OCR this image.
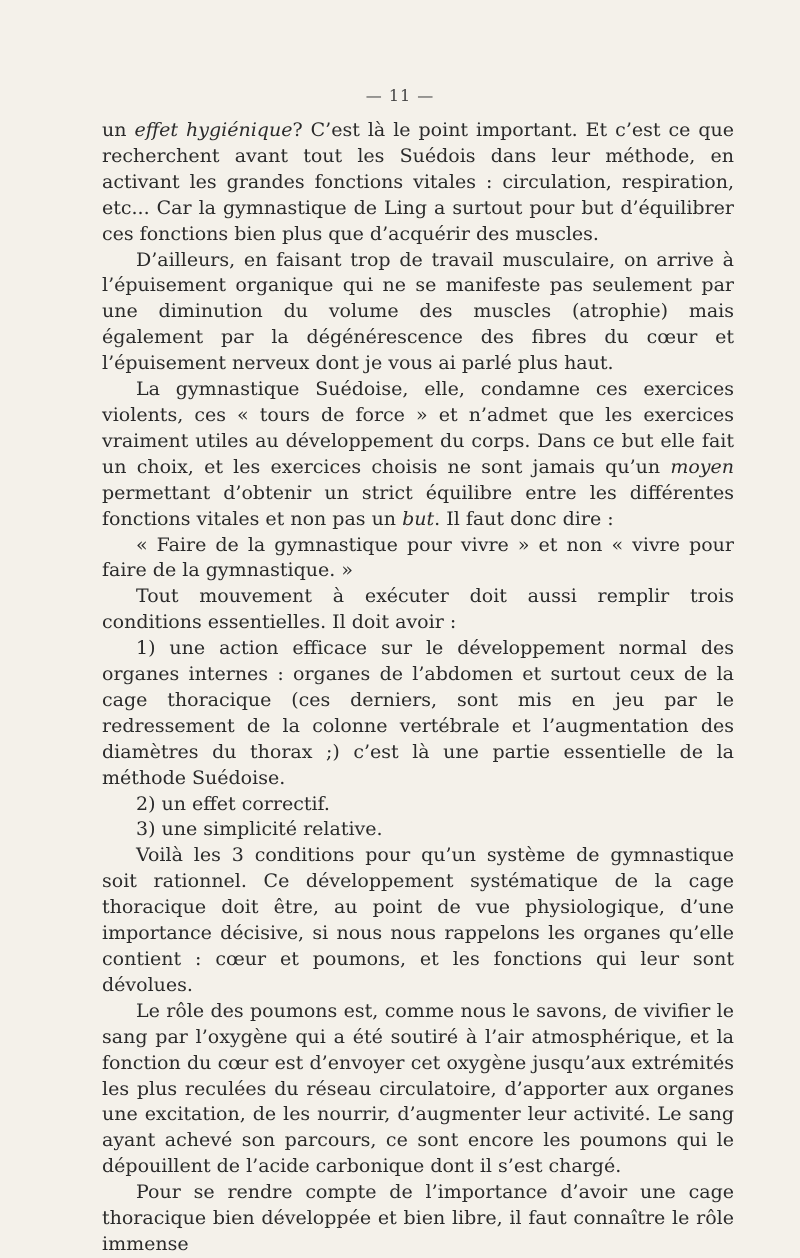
— 11 —

un effet hygiénique? C’est là le point important. Et c’est ce que recherchent avant tout les Suédois dans leur méthode, en activant les grandes fonctions vitales : circulation, respiration, etc... Car la gymnastique de Ling a surtout pour but d’équilibrer ces fonctions bien plus que d’acquérir des muscles.

D’ailleurs, en faisant trop de travail musculaire, on arrive à l’épuisement organique qui ne se manifeste pas seulement par une diminution du volume des muscles (atrophie) mais également par la dégénérescence des fibres du cœur et l’épuisement nerveux dont je vous ai parlé plus haut.

La gymnastique Suédoise, elle, condamne ces exercices violents, ces « tours de force » et n’admet que les exercices vraiment utiles au développement du corps. Dans ce but elle fait un choix, et les exercices choisis ne sont jamais qu’un moyen permettant d’obtenir un strict équilibre entre les différentes fonctions vitales et non pas un but. Il faut donc dire :

« Faire de la gymnastique pour vivre » et non « vivre pour faire de la gymnastique. »

Tout mouvement à exécuter doit aussi remplir trois conditions essentielles. Il doit avoir :

1) une action efficace sur le développement normal des organes internes : organes de l’abdomen et surtout ceux de la cage thoracique (ces derniers, sont mis en jeu par le redressement de la colonne vertébrale et l’augmentation des diamètres du thorax ;) c’est là une partie essentielle de la méthode Suédoise.

2) un effet correctif.

3) une simplicité relative.

Voilà les 3 conditions pour qu’un système de gymnastique soit rationnel. Ce développement systématique de la cage thoracique doit être, au point de vue physiologique, d’une importance décisive, si nous nous rappelons les organes qu’elle contient : cœur et poumons, et les fonctions qui leur sont dévolues.

Le rôle des poumons est, comme nous le savons, de vivifier le sang par l’oxygène qui a été soutiré à l’air atmosphérique, et la fonction du cœur est d’envoyer cet oxygène jusqu’aux extrémités les plus reculées du réseau circulatoire, d’apporter aux organes une excitation, de les nourrir, d’augmenter leur activité. Le sang ayant achevé son parcours, ce sont encore les poumons qui le dépouillent de l’acide carbonique dont il s’est chargé.

Pour se rendre compte de l’importance d’avoir une cage thoracique bien développée et bien libre, il faut connaître le rôle immense
